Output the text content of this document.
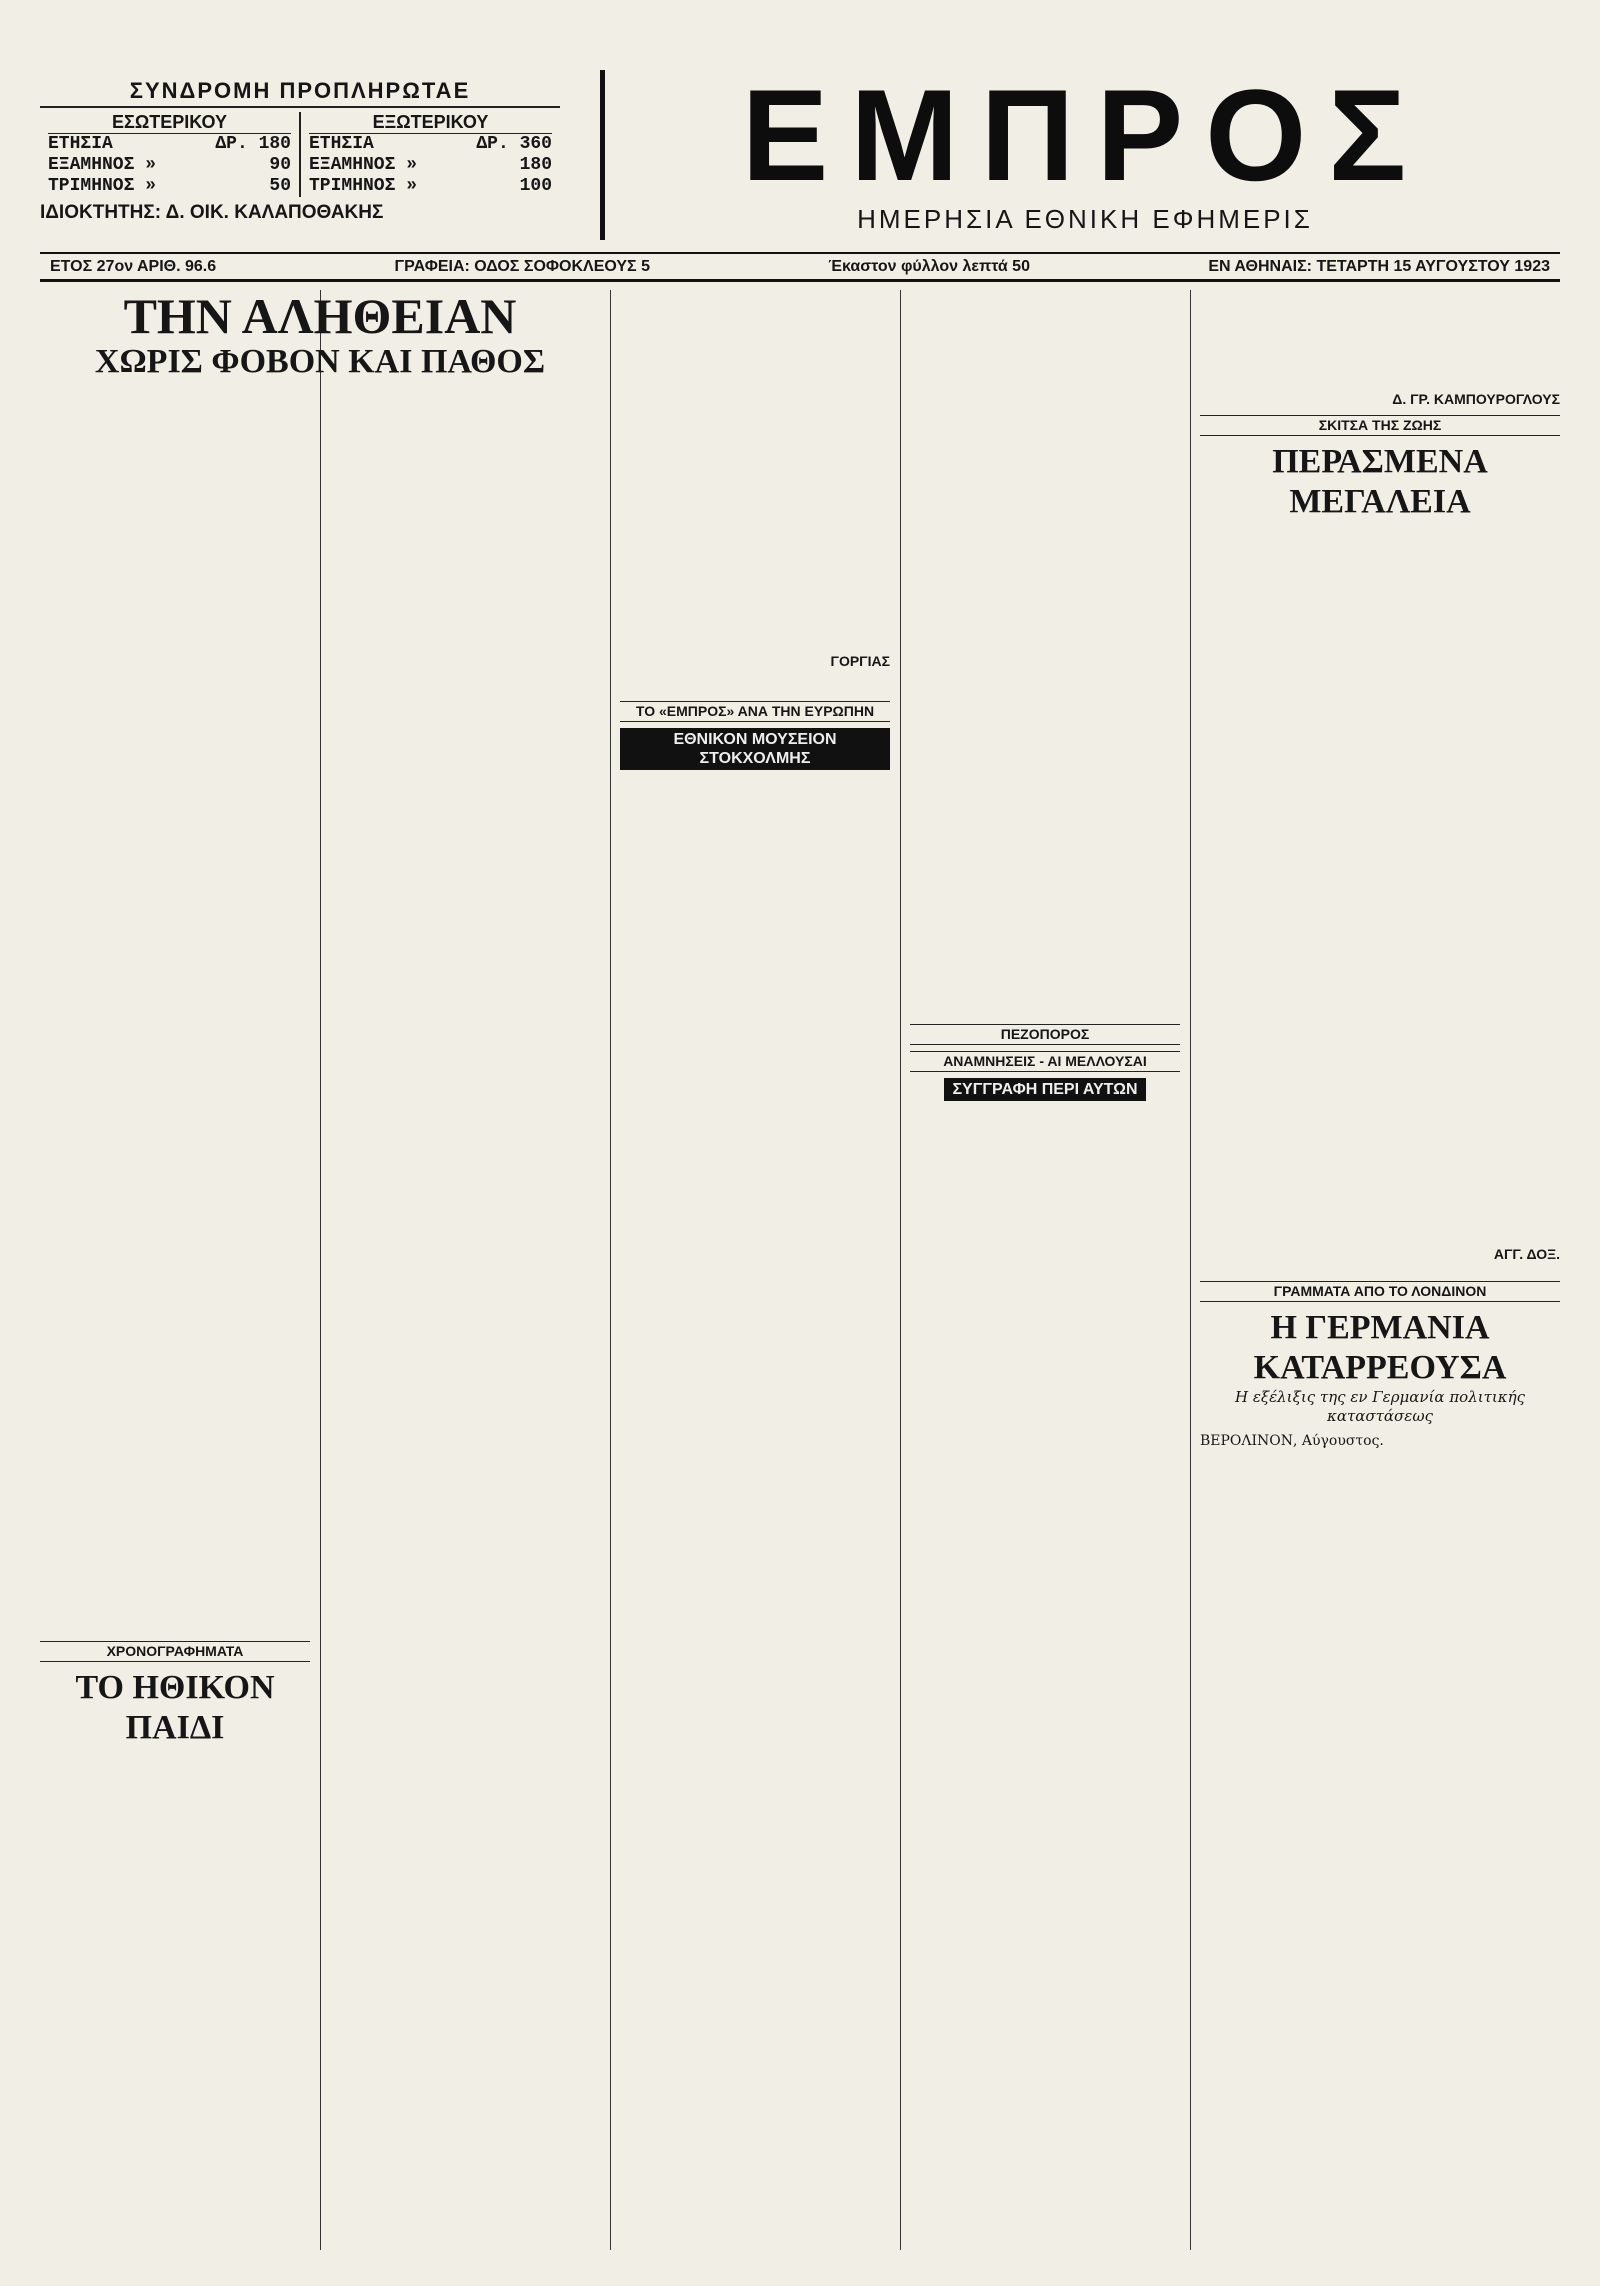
ΣΥΝΔΡΟΜΗ ΠΡΟΠΛΗΡΩΤΑΕ
ΕΣΩΤΕΡΙΚΟΥ
ΕΤΗΣΙΑ	ΔΡ. 180
ΕΞΑΜΗΝΟΣ »	90
ΤΡΙΜΗΝΟΣ »	50
ΕΞΩΤΕΡΙΚΟΥ
ΕΤΗΣΙΑ	ΔΡ. 360
ΕΞΑΜΗΝΟΣ »	180
ΤΡΙΜΗΝΟΣ »	100
ΙΔΙΟΚΤΗΤΗΣ: Δ. ΟΙΚ. ΚΑΛΑΠΟΘΑΚΗΣ
ΕΜΠΡΟΣ
ΗΜΕΡΗΣΙΑ ΕΘΝΙΚΗ ΕΦΗΜΕΡΙΣ
ΕΤΟΣ 27ον ΑΡΙΘ. 96.6	ΓΡΑΦΕΙΑ: ΟΔΟΣ ΣΟΦΟΚΛΕΟΥΣ 5	Έκαστον φύλλον λεπτά 50	ΕΝ ΑΘΗΝΑΙΣ: ΤΕΤΑΡΤΗ 15 ΑΥΓΟΥΣΤΟΥ 1923
ΤΗΝ ΑΛΗΘΕΙΑΝ
ΧΩΡΙΣ ΦΟΒΟΝ ΚΑΙ ΠΑΘΟΣ
ΧΡΟΝΟΓΡΑΦΗΜΑΤΑ
ΤΟ ΗΘΙΚΟΝ ΠΑΙΔΙ
ΤΟ «ΕΜΠΡΟΣ» ΑΝΑ ΤΗΝ ΕΥΡΩΠΗΝ
ΕΘΝΙΚΟΝ ΜΟΥΣΕΙΟΝ ΣΤΟΚΧΟΛΜΗΣ
ΓΟΡΓΙΑΣ
ΠΕΖΟΠΟΡΟΣ
ΑΝΑΜΝΗΣΕΙΣ - ΑΙ ΜΕΛΛΟΥΣΑΙ
ΣΥΓΓΡΑΦΗ ΠΕΡΙ ΑΥΤΩΝ
Δ. ΓΡ. ΚΑΜΠΟΥΡΟΓΛΟΥΣ
ΣΚΙΤΣΑ ΤΗΣ ΖΩΗΣ
ΠΕΡΑΣΜΕΝΑ ΜΕΓΑΛΕΙΑ
ΑΓΓ. ΔΟΞ.
ΓΡΑΜΜΑΤΑ ΑΠΟ ΤΟ ΛΟΝΔΙΝΟΝ
Η ΓΕΡΜΑΝΙΑ ΚΑΤΑΡΡΕΟΥΣΑ
Η εξέλιξις της εν Γερμανία πολιτικής καταστάσεως
ΒΕΡΟΛΙΝΟΝ, Αύγουστος.
